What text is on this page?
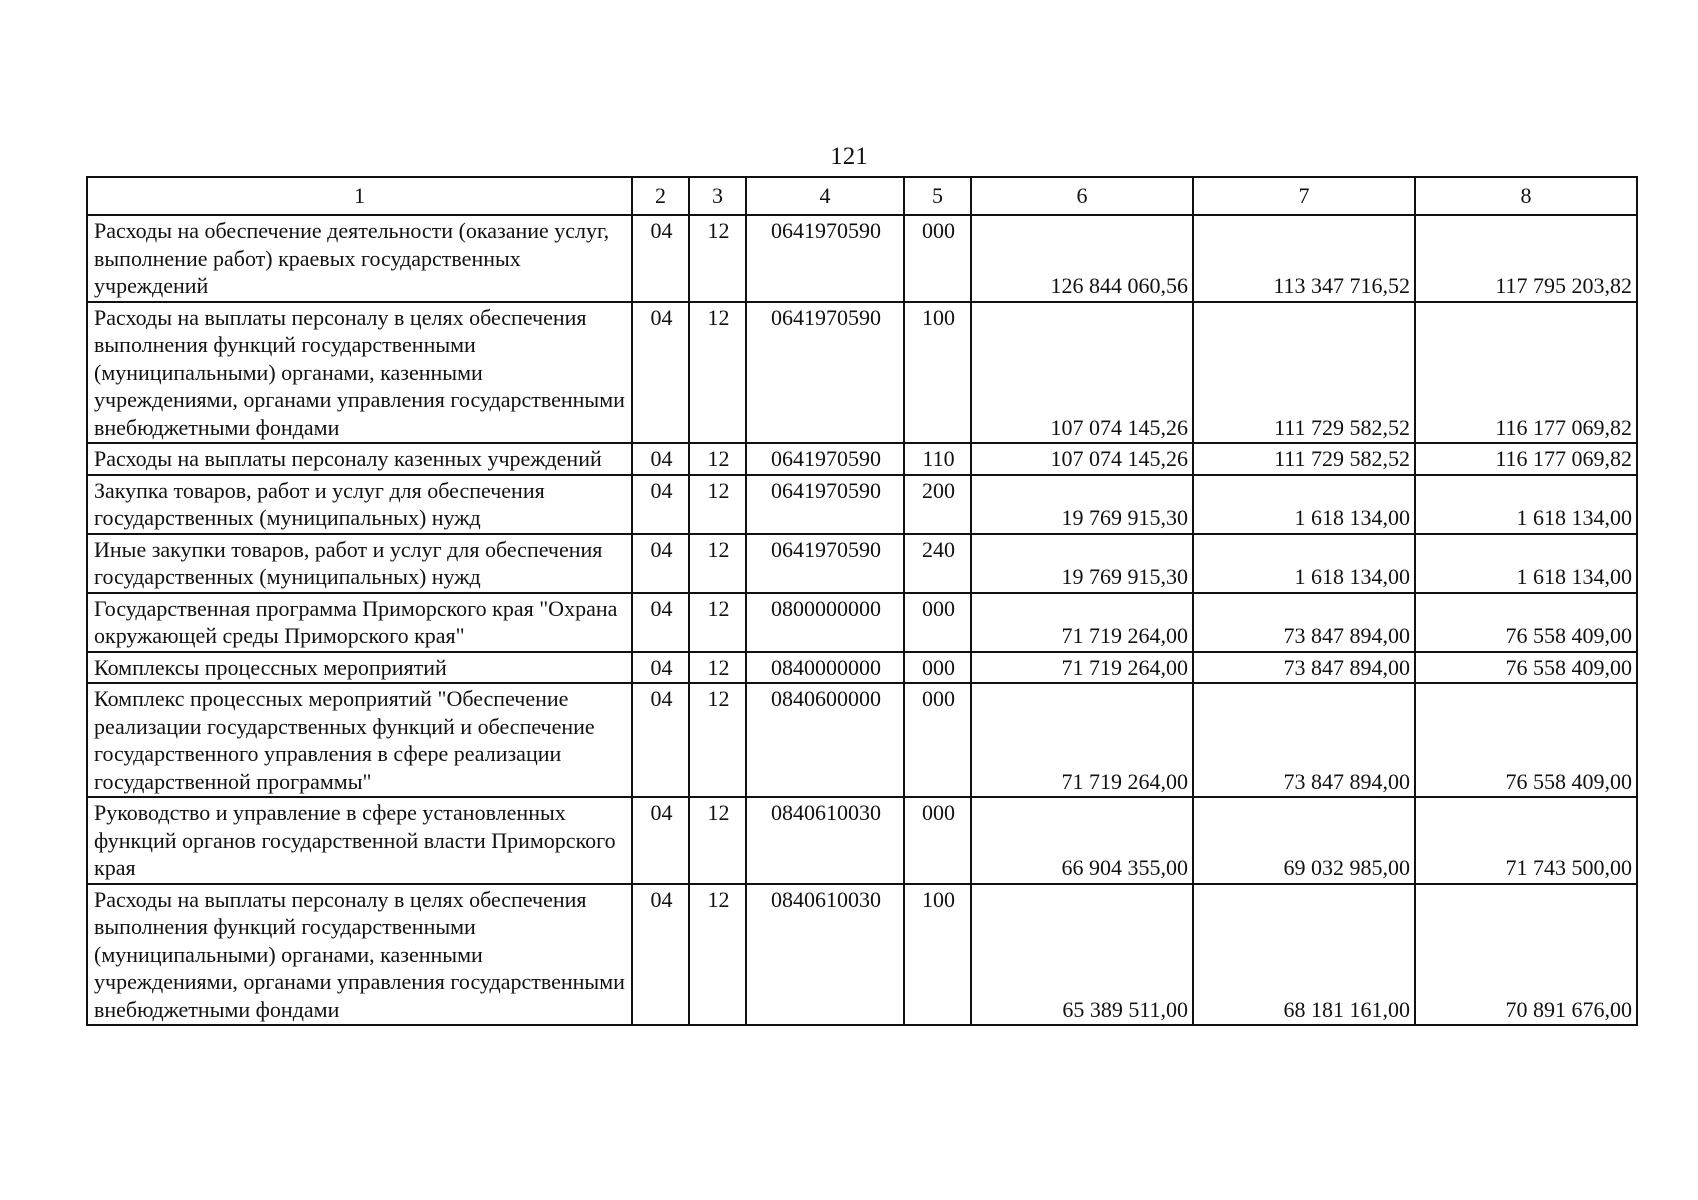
121
1	2	3	4	5	6	7	8
Расходы на обеспечение деятельности (оказание услуг, выполнение работ) краевых государственных учреждений	04	12	0641970590	000	126 844 060,56	113 347 716,52	117 795 203,82
Расходы на выплаты персоналу в целях обеспечения выполнения функций государственными (муниципальными) органами, казенными учреждениями, органами управления государственными внебюджетными фондами	04	12	0641970590	100	107 074 145,26	111 729 582,52	116 177 069,82
Расходы на выплаты персоналу казенных учреждений	04	12	0641970590	110	107 074 145,26	111 729 582,52	116 177 069,82
Закупка товаров, работ и услуг для обеспечения государственных (муниципальных) нужд	04	12	0641970590	200	19 769 915,30	1 618 134,00	1 618 134,00
Иные закупки товаров, работ и услуг для обеспечения государственных (муниципальных) нужд	04	12	0641970590	240	19 769 915,30	1 618 134,00	1 618 134,00
Государственная программа Приморского края "Охрана окружающей среды Приморского края"	04	12	0800000000	000	71 719 264,00	73 847 894,00	76 558 409,00
Комплексы процессных мероприятий	04	12	0840000000	000	71 719 264,00	73 847 894,00	76 558 409,00
Комплекс процессных мероприятий "Обеспечение реализации государственных функций и обеспечение государственного управления в сфере реализации государственной программы"	04	12	0840600000	000	71 719 264,00	73 847 894,00	76 558 409,00
Руководство и управление в сфере установленных функций органов государственной власти Приморского края	04	12	0840610030	000	66 904 355,00	69 032 985,00	71 743 500,00
Расходы на выплаты персоналу в целях обеспечения выполнения функций государственными (муниципальными) органами, казенными учреждениями, органами управления государственными внебюджетными фондами	04	12	0840610030	100	65 389 511,00	68 181 161,00	70 891 676,00
